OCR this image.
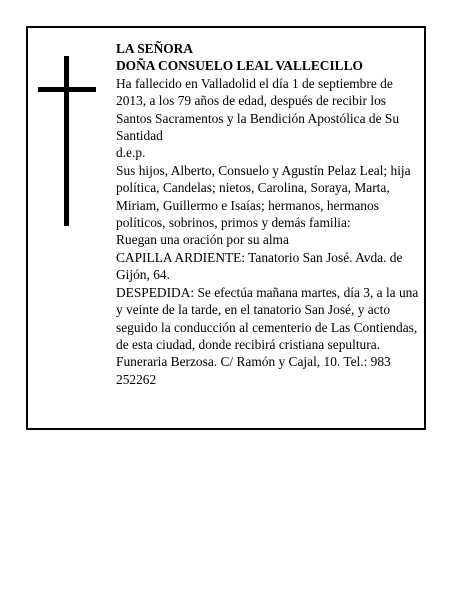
LA SEÑORA

DOÑA CONSUELO LEAL VALLECILLO

Ha fallecido en Valladolid el día 1 de septiembre de 2013, a los 79 años de edad, después de recibir los Santos Sacramentos y la Bendición Apostólica de Su Santidad

d.e.p.

Sus hijos, Alberto, Consuelo y Agustín Pelaz Leal; hija política, Candelas; nietos, Carolina, Soraya, Marta, Miriam, Guillermo e Isaías; hermanos, hermanos políticos, sobrinos, primos y demás familia:

Ruegan una oración por su alma

CAPILLA ARDIENTE: Tanatorio San José. Avda. de Gijón, 64.

DESPEDIDA: Se efectúa mañana martes, día 3, a la una y veinte de la tarde, en el tanatorio San José, y acto seguido la conducción al cementerio de Las Contiendas, de esta ciudad, donde recibirá cristiana sepultura.

Funeraria Berzosa. C/ Ramón y Cajal, 10. Tel.: 983 252262
